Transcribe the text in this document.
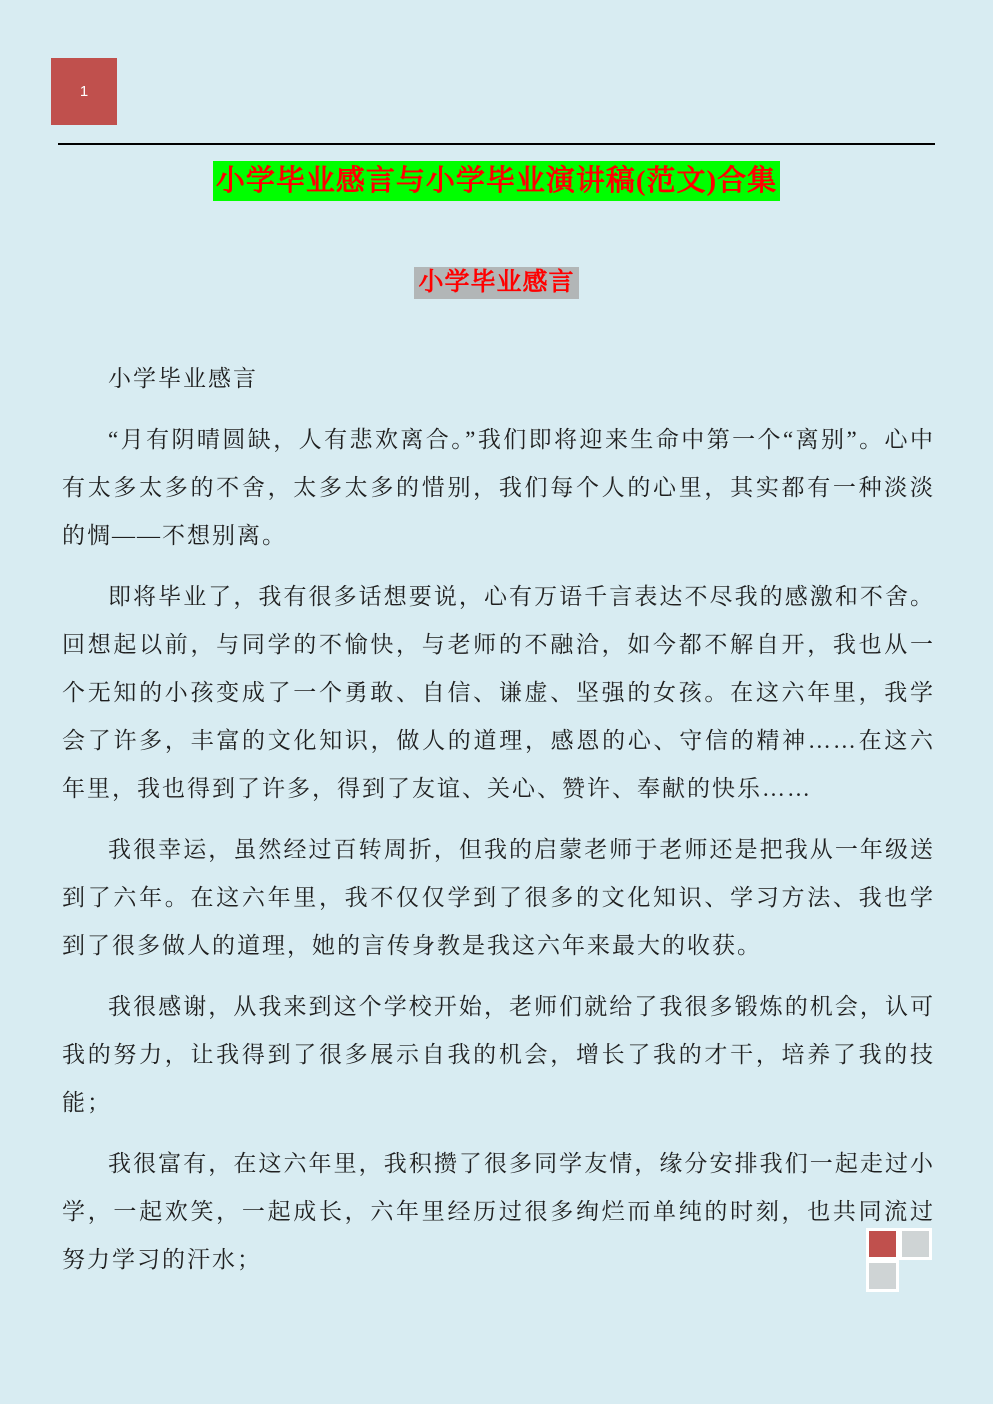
1
小学毕业感言与小学毕业演讲稿(范文)合集
小学毕业感言

小学毕业感言

“月有阴晴圆缺，人有悲欢离合。”我们即将迎来生命中第一个“离别”。心中有太多太多的不舍，太多太多的惜别，我们每个人的心里，其实都有一种淡淡的惆——不想别离。

即将毕业了，我有很多话想要说，心有万语千言表达不尽我的感激和不舍。回想起以前，与同学的不愉快，与老师的不融洽，如今都不解自开，我也从一个无知的小孩变成了一个勇敢、自信、谦虚、坚强的女孩。在这六年里，我学会了许多，丰富的文化知识，做人的道理，感恩的心、守信的精神……在这六年里，我也得到了许多，得到了友谊、关心、赞许、奉献的快乐……

我很幸运，虽然经过百转周折，但我的启蒙老师于老师还是把我从一年级送到了六年。在这六年里，我不仅仅学到了很多的文化知识、学习方法、我也学到了很多做人的道理，她的言传身教是我这六年来最大的收获。

我很感谢，从我来到这个学校开始，老师们就给了我很多锻炼的机会，认可我的努力，让我得到了很多展示自我的机会，增长了我的才干，培养了我的技能；

我很富有，在这六年里，我积攒了很多同学友情，缘分安排我们一起走过小学，一起欢笑，一起成长，六年里经历过很多绚烂而单纯的时刻，也共同流过努力学习的汗水；
